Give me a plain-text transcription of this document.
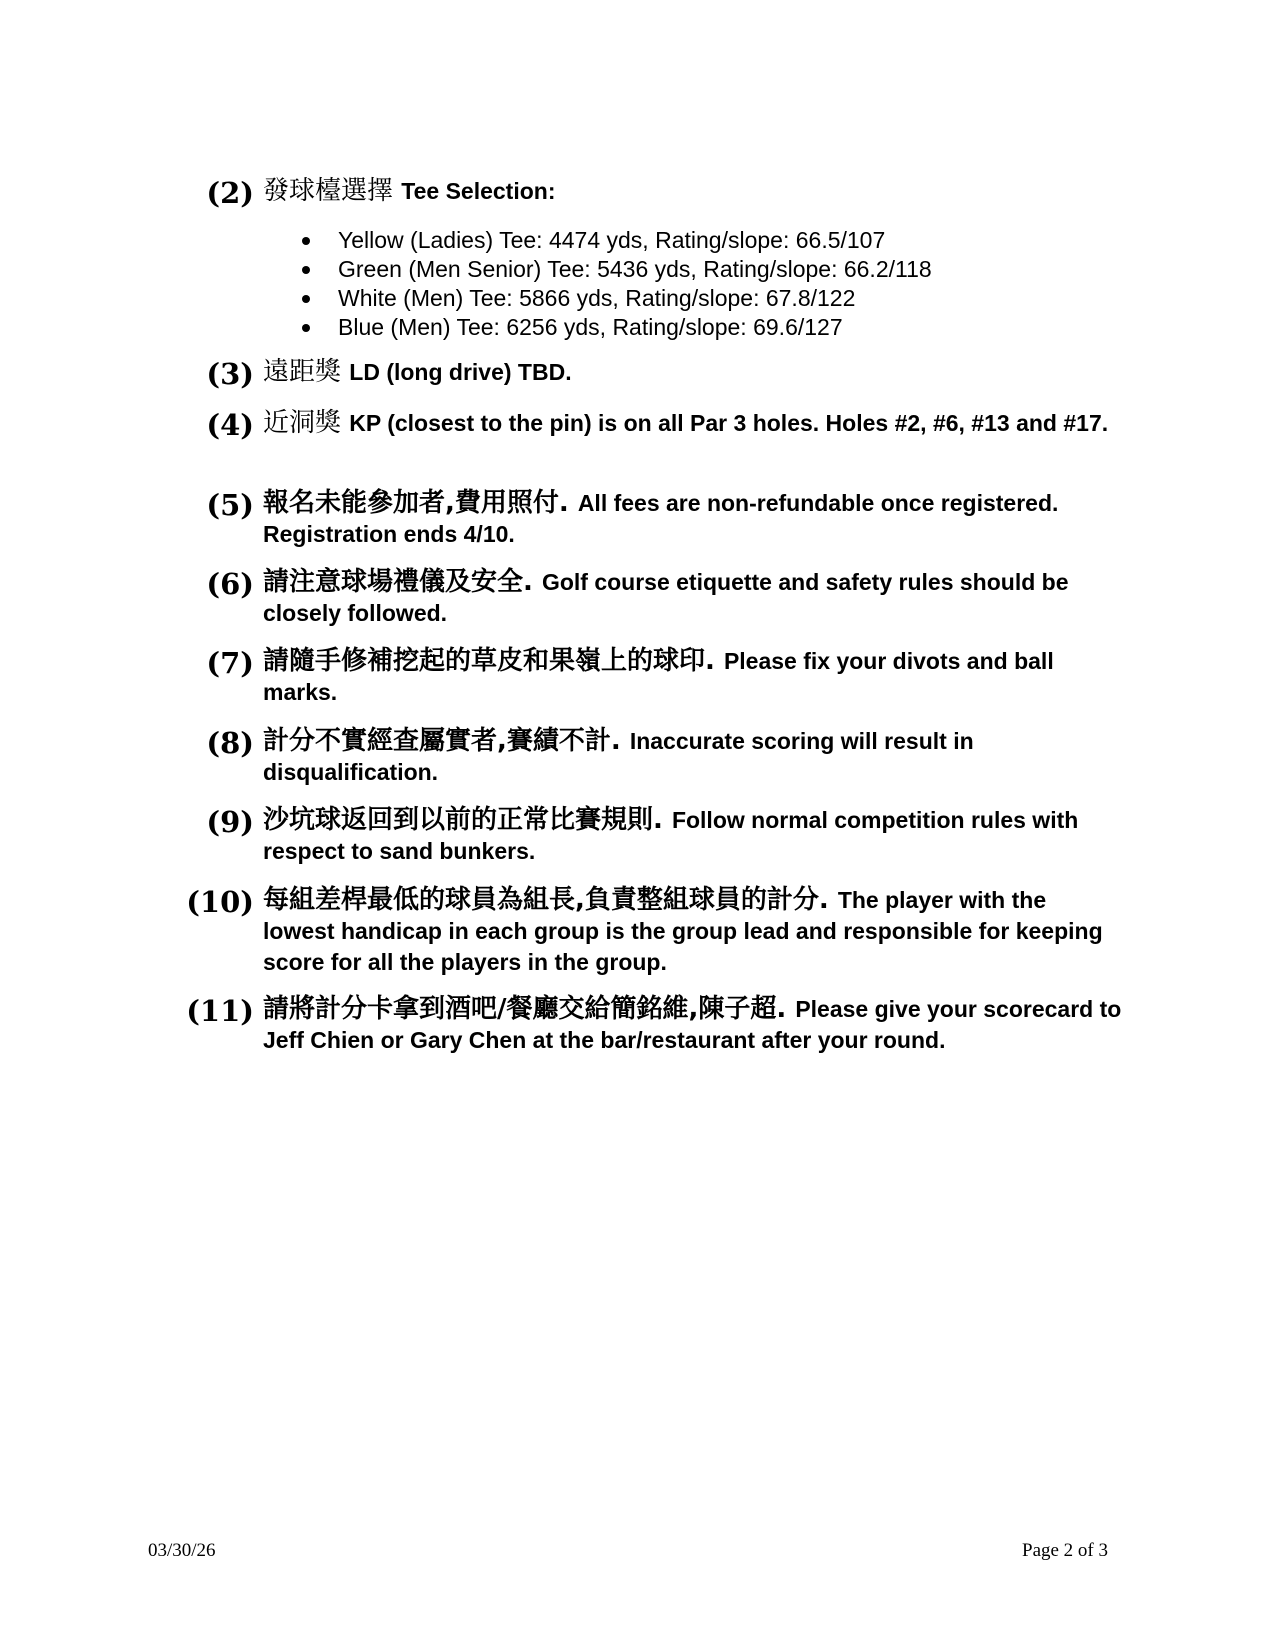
(2) 發球檯選擇 Tee Selection:
Yellow (Ladies) Tee: 4474 yds, Rating/slope: 66.5/107
Green (Men Senior) Tee: 5436 yds, Rating/slope: 66.2/118
White (Men) Tee: 5866 yds, Rating/slope: 67.8/122
Blue (Men) Tee: 6256 yds, Rating/slope: 69.6/127
(3) 遠距獎 LD (long drive) TBD.
(4) 近洞獎 KP (closest to the pin) is on all Par 3 holes. Holes #2, #6, #13 and #17.
(5) 報名未能參加者,費用照付. All fees are non-refundable once registered. Registration ends 4/10.
(6) 請注意球場禮儀及安全. Golf course etiquette and safety rules should be closely followed.
(7) 請隨手修補挖起的草皮和果嶺上的球印. Please fix your divots and ball marks.
(8) 計分不實經查屬實者,賽績不計. Inaccurate scoring will result in disqualification.
(9) 沙坑球返回到以前的正常比賽規則. Follow normal competition rules with respect to sand bunkers.
(10) 每組差桿最低的球員為組長,負責整組球員的計分. The player with the lowest handicap in each group is the group lead and responsible for keeping score for all the players in the group.
(11) 請將計分卡拿到酒吧/餐廳交給簡銘維,陳子超. Please give your scorecard to Jeff Chien or Gary Chen at the bar/restaurant after your round.
03/30/26	Page 2 of 3
